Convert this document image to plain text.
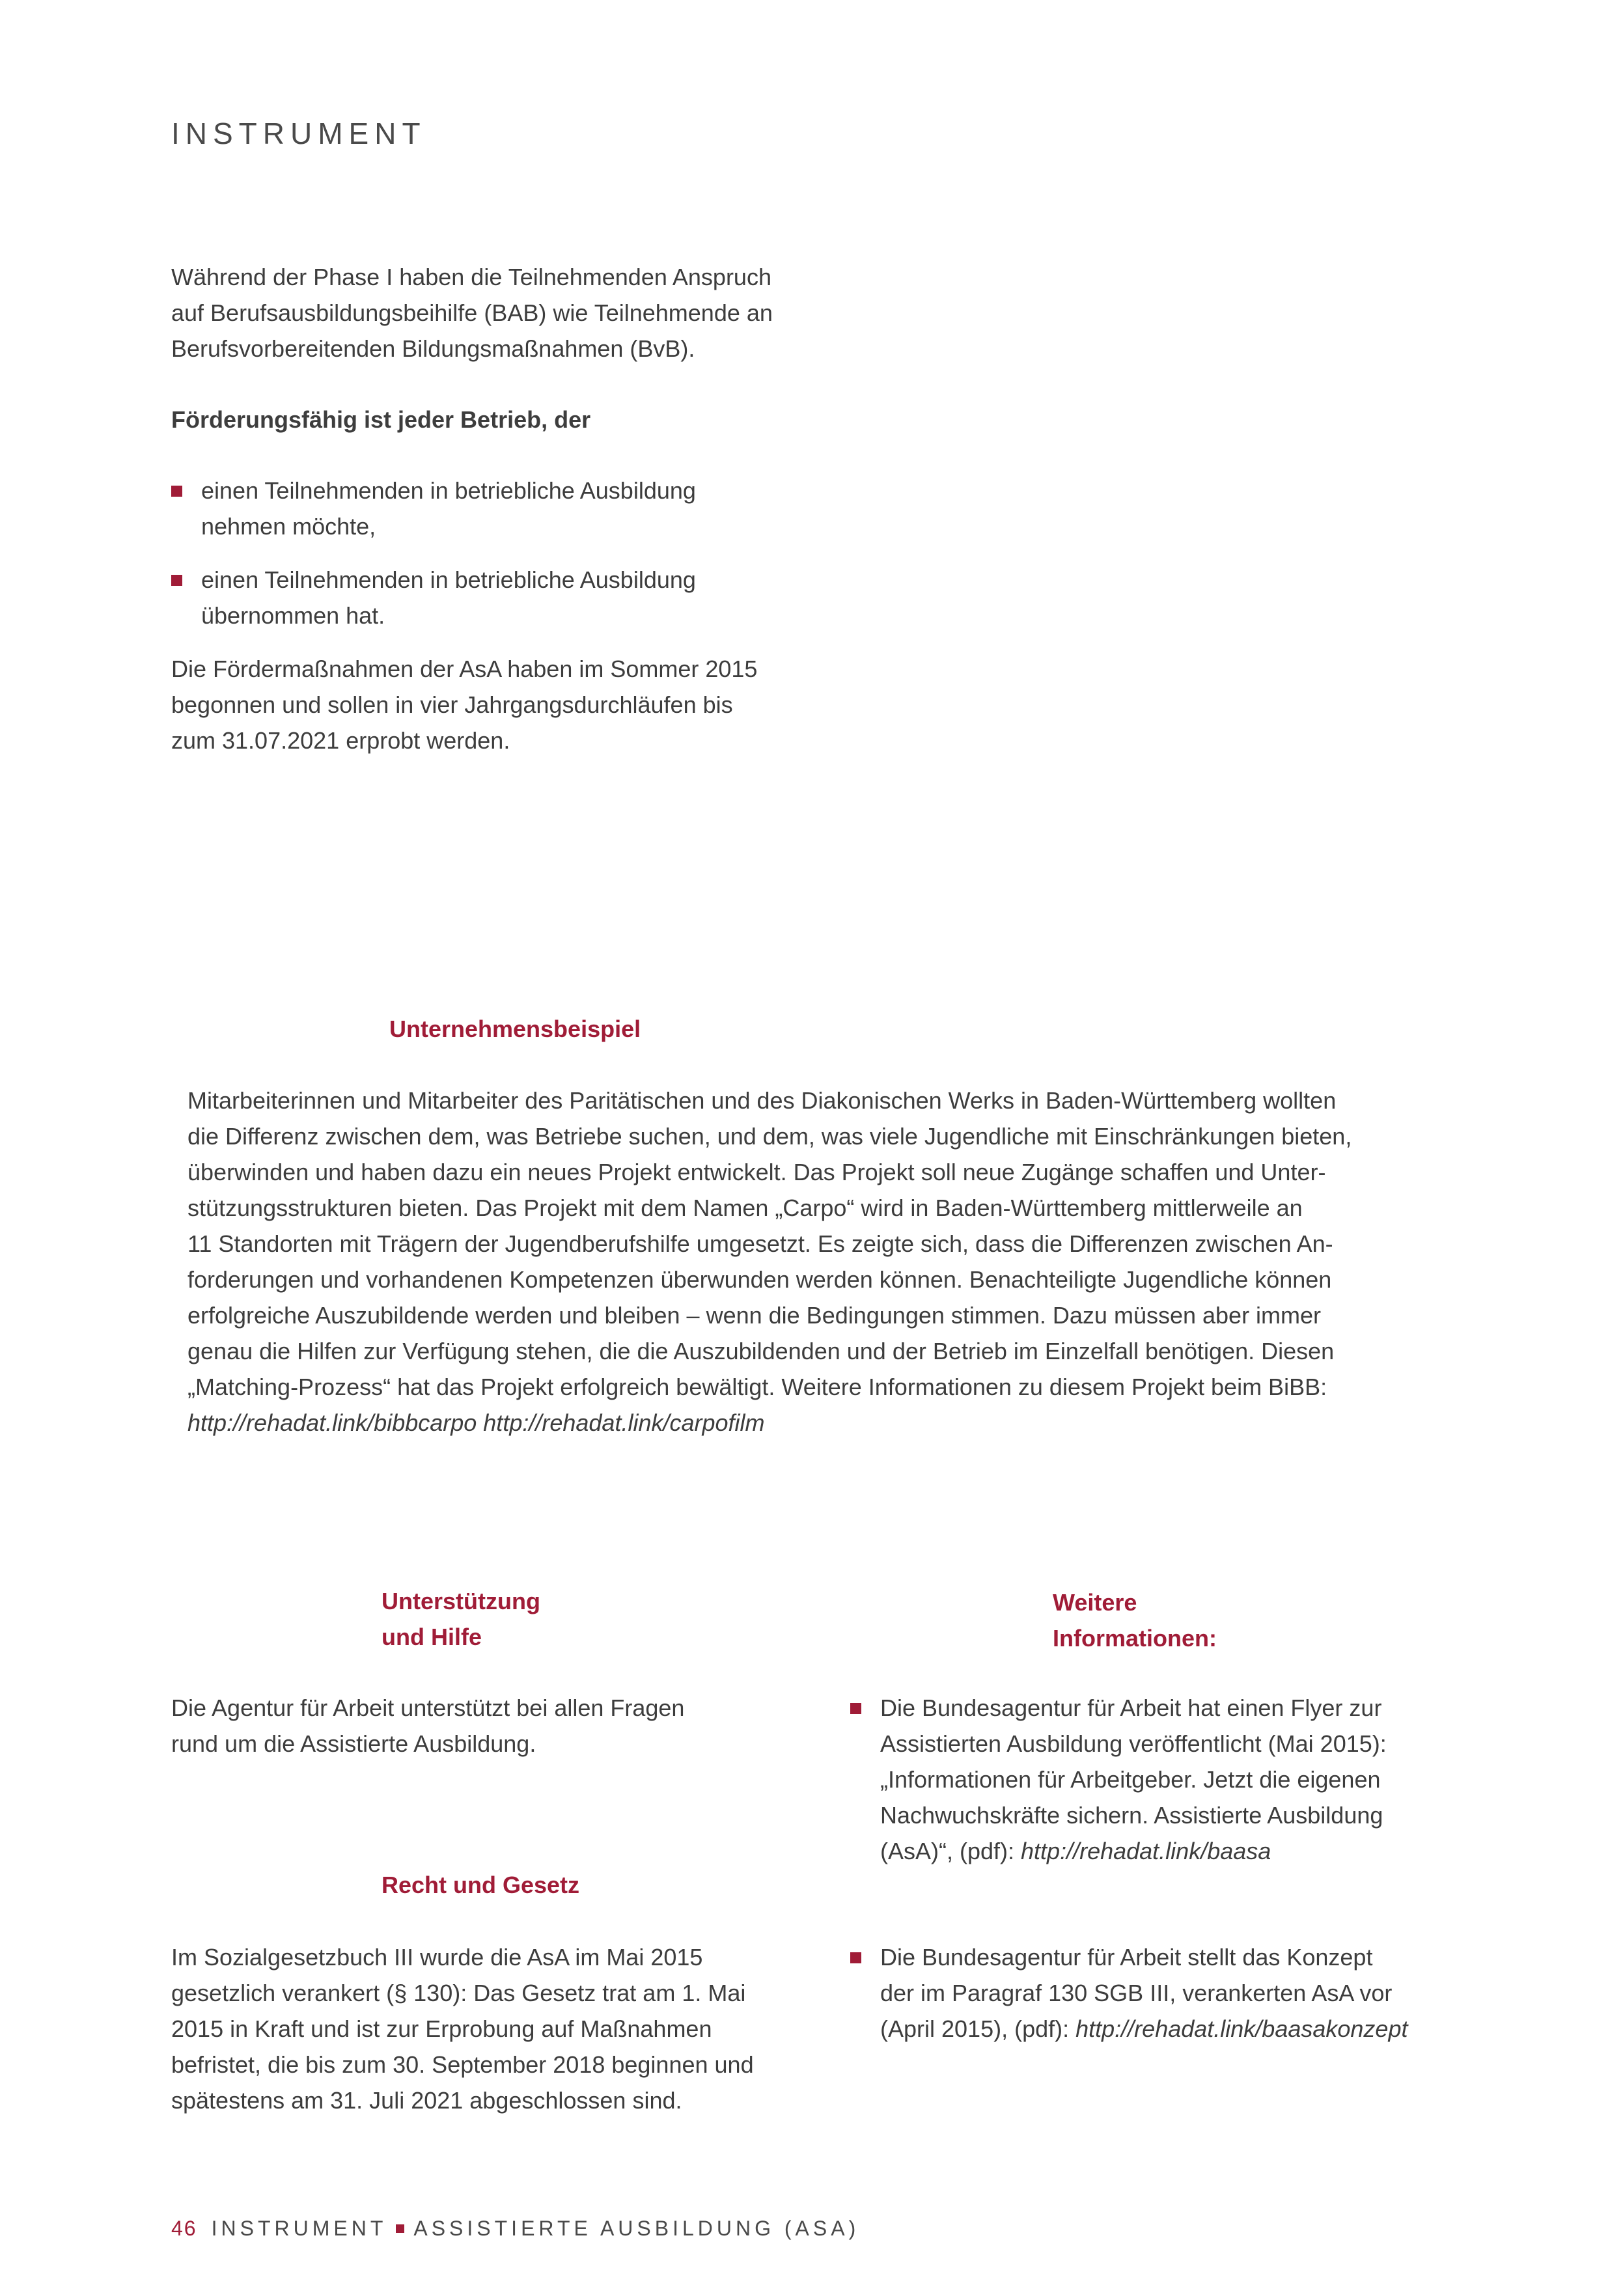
INSTRUMENT
Während der Phase I haben die Teilnehmenden Anspruch
auf Berufsausbildungsbeihilfe (BAB) wie Teilnehmende an
Berufsvorbereitenden Bildungsmaßnahmen (BvB).
Förderungsfähig ist jeder Betrieb, der
einen Teilnehmenden in betriebliche Ausbildung
nehmen möchte,
einen Teilnehmenden in betriebliche Ausbildung
übernommen hat.
Die Fördermaßnahmen der AsA haben im Sommer 2015
begonnen und sollen in vier Jahrgangsdurchläufen bis
zum 31.07.2021 erprobt werden.
Unternehmensbeispiel
Mitarbeiterinnen und Mitarbeiter des Paritätischen und des Diakonischen Werks in Baden-Württemberg wollten
die Differenz zwischen dem, was Betriebe suchen, und dem, was viele Jugendliche mit Einschränkungen bieten,
überwinden und haben dazu ein neues Projekt entwickelt. Das Projekt soll neue Zugänge schaffen und Unter-
stützungsstrukturen bieten. Das Projekt mit dem Namen „Carpo“ wird in Baden-Württemberg mittlerweile an
11 Standorten mit Trägern der Jugendberufshilfe umgesetzt. Es zeigte sich, dass die Differenzen zwischen An-
forderungen und vorhandenen Kompetenzen überwunden werden können. Benachteiligte Jugendliche können
erfolgreiche Auszubildende werden und bleiben – wenn die Bedingungen stimmen. Dazu müssen aber immer
genau die Hilfen zur Verfügung stehen, die die Auszubildenden und der Betrieb im Einzelfall benötigen. Diesen
„Matching-Prozess“ hat das Projekt erfolgreich bewältigt. Weitere Informationen zu diesem Projekt beim BiBB:
http://rehadat.link/bibbcarpo http://rehadat.link/carpofilm
Unterstützung
und Hilfe
Die Agentur für Arbeit unterstützt bei allen Fragen
rund um die Assistierte Ausbildung.
Recht und Gesetz
Im Sozialgesetzbuch III wurde die AsA im Mai 2015
gesetzlich verankert (§ 130): Das Gesetz trat am 1. Mai
2015 in Kraft und ist zur Erprobung auf Maßnahmen
befristet, die bis zum 30. September 2018 beginnen und
spätestens am 31. Juli 2021 abgeschlossen sind.
Weitere
Informationen:
Die Bundesagentur für Arbeit hat einen Flyer zur
Assistierten Ausbildung veröffentlicht (Mai 2015):
„Informationen für Arbeitgeber. Jetzt die eigenen
Nachwuchskräfte sichern. Assistierte Ausbildung
(AsA)“, (pdf): http://rehadat.link/baasa
Die Bundesagentur für Arbeit stellt das Konzept
der im Paragraf 130 SGB III, verankerten AsA vor
(April 2015), (pdf): http://rehadat.link/baasakonzept
46 INSTRUMENT ASSISTIERTE AUSBILDUNG (ASA)
